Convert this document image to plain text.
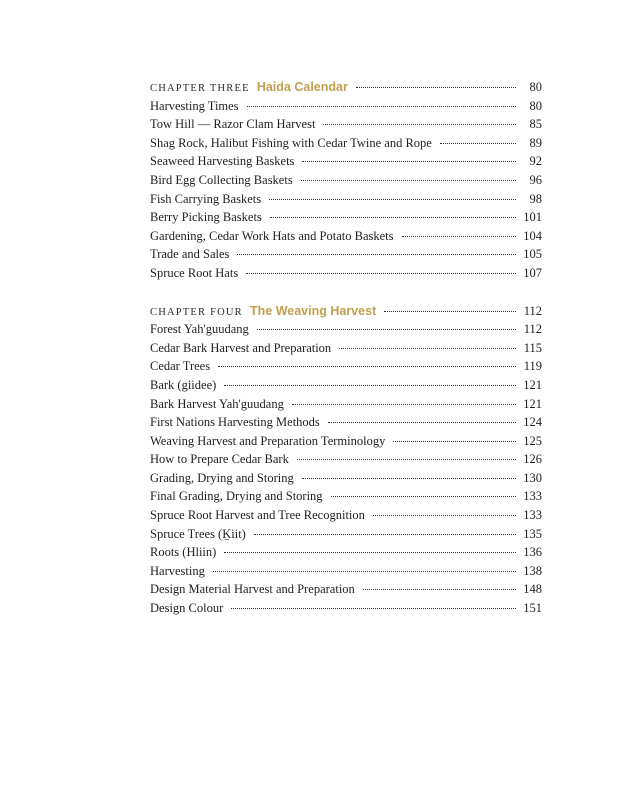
CHAPTER THREE Haida Calendar	80
Harvesting Times	80
Tow Hill — Razor Clam Harvest	85
Shag Rock, Halibut Fishing with Cedar Twine and Rope	89
Seaweed Harvesting Baskets	92
Bird Egg Collecting Baskets	96
Fish Carrying Baskets	98
Berry Picking Baskets	101
Gardening, Cedar Work Hats and Potato Baskets	104
Trade and Sales	105
Spruce Root Hats	107
CHAPTER FOUR The Weaving Harvest	112
Forest Yah'guudang	112
Cedar Bark Harvest and Preparation	115
Cedar Trees	119
Bark (giidee)	121
Bark Harvest Yah'guudang	121
First Nations Harvesting Methods	124
Weaving Harvest and Preparation Terminology	125
How to Prepare Cedar Bark	126
Grading, Drying and Storing	130
Final Grading, Drying and Storing	133
Spruce Root Harvest and Tree Recognition	133
Spruce Trees (Ḵiit)	135
Roots (Hliin)	136
Harvesting	138
Design Material Harvest and Preparation	148
Design Colour	151
